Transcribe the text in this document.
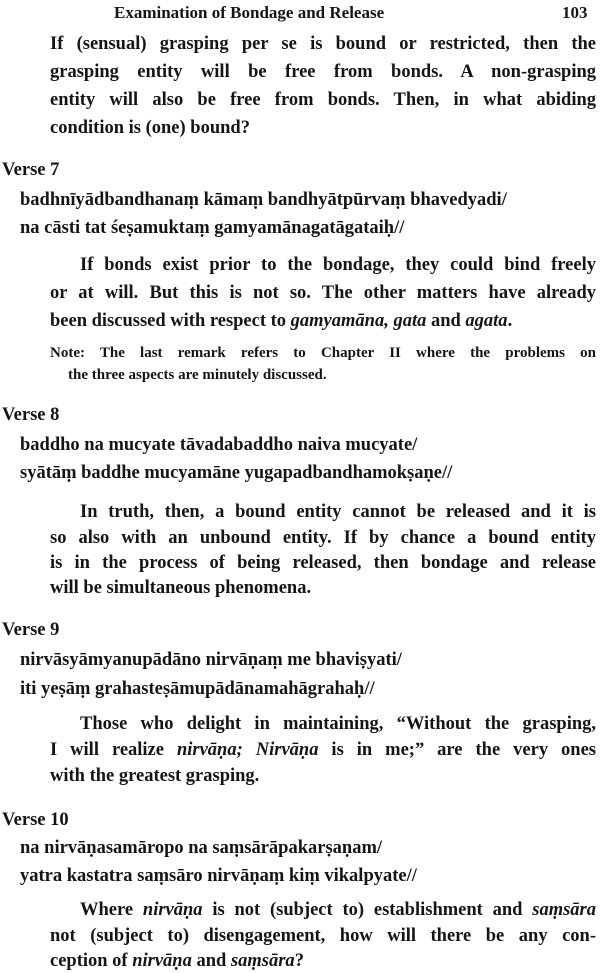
Examination of Bondage and Release	103
If (sensual) grasping per se is bound or restricted, then the
grasping entity will be free from bonds. A non-grasping
entity will also be free from bonds. Then, in what abiding
condition is (one) bound?
Verse 7
badhnīyādbandhanaṃ kāmaṃ bandhyātpūrvaṃ bhavedyadi/
na cāsti tat śeṣamuktaṃ gamyamānagatāgataiḥ//
If bonds exist prior to the bondage, they could bind freely
or at will. But this is not so. The other matters have already
been discussed with respect to gamyamāna, gata and agata.
Note: The last remark refers to Chapter II where the problems on
the three aspects are minutely discussed.
Verse 8
baddho na mucyate tāvadabaddho naiva mucyate/
syātāṃ baddhe mucyamāne yugapadbandhamokṣaṇe//
In truth, then, a bound entity cannot be released and it is
so also with an unbound entity. If by chance a bound entity
is in the process of being released, then bondage and release
will be simultaneous phenomena.
Verse 9
nirvāsyāmyanupādāno nirvāṇaṃ me bhaviṣyati/
iti yeṣāṃ grahasteṣāmupādānamahāgrahaḥ//
Those who delight in maintaining, “Without the grasping,
I will realize nirvāṇa; Nirvāṇa is in me;” are the very ones
with the greatest grasping.
Verse 10
na nirvāṇasamāropo na saṃsārāpakarṣaṇam/
yatra kastatra saṃsāro nirvāṇaṃ kiṃ vikalpyate//
Where nirvāṇa is not (subject to) establishment and saṃsāra
not (subject to) disengagement, how will there be any con-
ception of nirvāṇa and saṃsāra?
